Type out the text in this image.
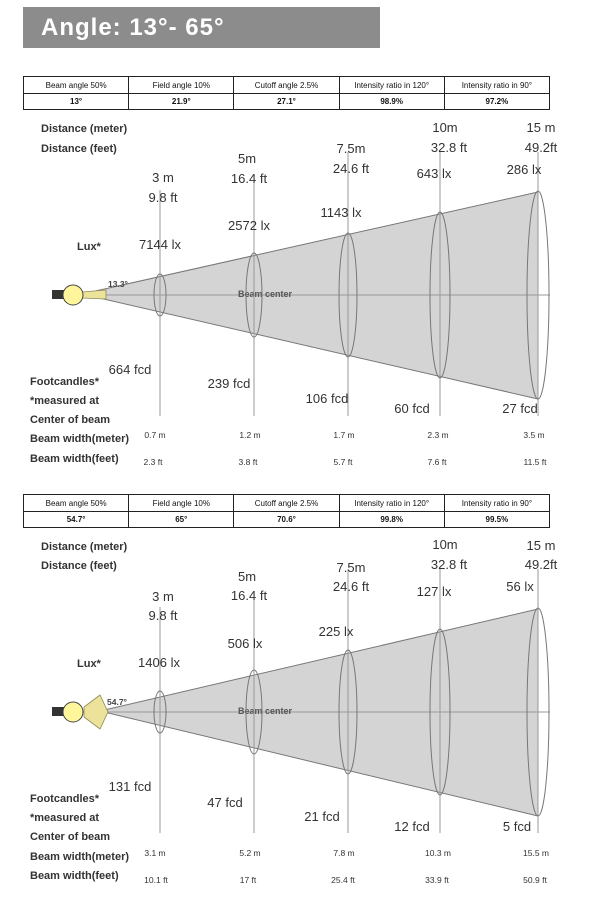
Angle: 13°- 65°
Beam angle 50%	Field angle 10%	Cutoff angle 2.5%	Intensity ratio in 120°	Intensity ratio in 90°
13°	21.9°	27.1°	98.9%	97.2%
Distance (meter)
Distance (feet)
Lux*
Footcandles*
*measured at
Center of beam
Beam width(meter)
Beam width(feet)
Beam center
13.3°
3 m
9.8 ft
7144 lx
664 fcd
0.7 m
2.3 ft
5m
16.4 ft
2572 lx
239 fcd
1.2 m
3.8 ft
7.5m
24.6 ft
1143 lx
106 fcd
1.7 m
5.7 ft
10m
32.8 ft
643 lx
60 fcd
2.3 m
7.6 ft
15 m
49.2ft
286 lx
27 fcd
3.5 m
11.5 ft
Beam angle 50%	Field angle 10%	Cutoff angle 2.5%	Intensity ratio in 120°	Intensity ratio in 90°
54.7°	65°	70.6°	99.8%	99.5%
Distance (meter)
Distance (feet)
Lux*
Footcandles*
*measured at
Center of beam
Beam width(meter)
Beam width(feet)
Beam center
54.7°
3 m
9.8 ft
1406 lx
131 fcd
3.1 m
10.1 ft
5m
16.4 ft
506 lx
47 fcd
5.2 m
17 ft
7.5m
24.6 ft
225 lx
21 fcd
7.8 m
25.4 ft
10m
32.8 ft
127 lx
12 fcd
10.3 m
33.9 ft
15 m
49.2ft
56 lx
5 fcd
15.5 m
50.9 ft
